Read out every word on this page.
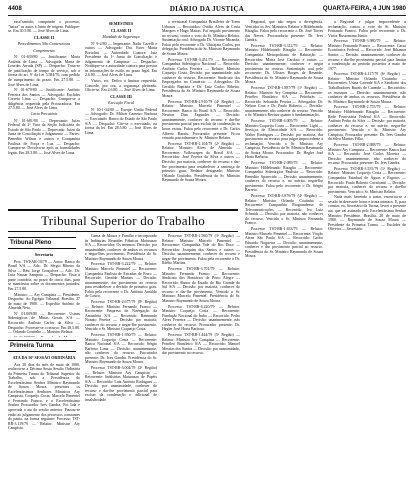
4408	DIÁRIO DA JUSTIÇA	QUARTA-FEIRA, 4 JUN 1980

essa"sentido, cumprindo o processo, "baixa" os autos à Junta de origem. Publique-se. Em 30.5.80. — José Alves de Lima.

CLASSE II

Procedimentos Não Contenciosos

Cumprimento

Nº 01-639/80 — Justificante: Maria Antônia de Lima — Advogada: Maria de Lourdes Arruda (SP) — Despacho: Trata-se de justificação de tempo de serviço, sob a forma do art. 9º da Lei 5.584/70, com pedido de cumprimento do prazo. Em 27.5.80. — José Alves de Lima.

Nº 01-679/80 — Justificante: Antônio Ferreira dos Santos — Advogado: Euclides Correia Lima — Despacho: Cumpra-se a diligência requerida pela Procuradoria. Em 27.5.80. — José Alves de Lima.

Carta Precatória

Nº 01-681/80 — Deprecante: Juízo Federal da 2ª Vara da Seção Judiciária do Estado de São Paulo — Deprecado: Juízo da Junta de Conciliação e Julgamento — Partes: Benedito Wilson e outros e Companhia Paulista de Força e Luz — Despacho: Cumpra-se. Devolva-se após as formalidades legais. Em 28.5.80. — José Alves de Lima.

SEMESTRES

CLASSE II

Mandado de Segurança

Nº 9-2/80 — Impetrante: Nadir Cazelli e outros — Advogado: Dra. Ester Maria Bortolini — Autoridade Coatora: Juiz Presidente da 1ª Junta de Conciliação e Julgamento de Campinas — Despacho: Notifique-se a autoridade coatora para prestar as informações de estilo, no prazo legal. Em 2.6.80. — José Alves de Lima.

Vistos, etc. Defiro a liminar requerida. Concedo, por ora, a segurança pleiteada. Oficie-se. Em 2.6.80. — José Alves de Lima.

CLASSE III

Execução Fiscal

Nº 10-1-34/80 — Exeqte: União Federal — Advogado: Dr. Milton Carneiro Barbosa — Executado: Banco do Estado de São Paulo S/A — Despacho: Cite-se o executado, na forma da lei. Em 28.5.80. — José Alves de Lima.

o revisional Companhia Brasileira de Trens Urbanos — Recorridos: Ovídio Alves da Costa Marques e Hugo Matias. Foi negado provimento ao recurso, contra o voto do Sr. Ministro Relator. Sustentação oral: Advogado Dr. Vicente Miranda. Falou pela recorrente o Dr. Ubirajara Carlos, por delegação. Presidência do Sr. Ministro Raymundo de Souza Moura.

Processo TST-RR-3.451/79 — Recorrente: Companhia Siderúrgica Nacional — Recorrido: Antônio Carlos Ferreira — Relator: Ministro Coqueijo Costa. Decisão: por unanimidade, não conhecer do recurso. Recorrente: Sindicato dos Empregados no Comércio — Advogados: Dr. Geraldo Baptista e Dr. Luiz Carlos Ribeiro. Presidência do Sr. Ministro Raymundo de Souza Moura.

Processo TST-RR-2.910/79 (4ª Região) — Relator: Ministro Marcelo Pimentel — Recorrente: Banco do Brasil S/A — Recorrido: Newton Dias Fagundes — Decisão: unanimemente, conhecer do recurso e dar-lhe provimento parcial para excluir da condenação as horas extras. Falou pelo recorrente o Dr. Carlos Alberto Barata. Procurador presente. Ficou vencido parcialmente o Sr. Ministro Relator.

Processo TST-RR-2.104/79 (2ª Região) — Relator: Ministro Alves de Almeida — Recorrente: Volkswagen do Brasil S/A — Recorridos: José Pereira da Silva e outros — Decisão: por maioria, conhecer do recurso e dar-lhe provimento para restabelecer a sentença de primeiro grau. Redator designado: Ministro Orlando Coutinho. Presidência do Sr. Ministro Raymundo de Souza Moura.

Regional, que não negou a divergência. Vencidos os Srs. Ministros Relator e Hildebrando Bisaglia. Falou pelo recorrente o Dr. José Torres das Neves. Procuradoria presente: Dr. Ives Gandra.

Processo TST-RR-3.312/79 — Relator: Ministro Hildebrando Bisaglia — Recorrente: Companhia Metropolitana de Habitação — Recorridos: Maria José Cardoso e outras — Decisão: unanimemente, conhecer e negar provimento ao recurso. Sustentação oral pelo recorrente: Dr. Ulisses Borges de Resende. Presidência do Sr. Ministro Raymundo de Souza Moura.

Processo TST-RR-1.887/79 (1ª Região) — Relator: Ministro Ary Campista — Recorrente: Petróleo Brasileiro S/A — Petrobrás — Recorrido: Sebastião Pereira — Advogados: Dr. Nelson Cruz e Dr. Paulo Roberto — Decisão: unanimemente, não conhecer do recurso. Vencido o Sr. Ministro Revisor quanto à fundamentação.

Processo TST-RR-4.005/79 — Relator: Ministro Coqueijo Costa — Recorrente: Light — Serviços de Eletricidade S/A — Recorrido: Walter Rodrigues — Decisão: por maioria, dar provimento ao recurso para julgar improcedente a reclamação. Vencido o Sr. Ministro Ary Campista. Presidência do Sr. Ministro Raymundo de Souza Moura. Procurador: Dr. Hegler José Horta Barbosa.

Processo TST-RR-2.089/79 — Relator: Ministro Hildebrando Bisaglia — Recorrente: Companhia Siderúrgica Paulista — Recorrido: Benedito Aparecido — Decisão: unanimemente, conhecer do recurso e, no mérito, negar-lhe provimento. Falou pelo recorrente o Dr. Sérgio Barreto.

Processo TST-RR-3.876/79 (4ª Região) — Relator: Ministro Orlando Coutinho — Recorrente: Companhia Riograndense de Telecomunicações — Recorrido: Ivo Luiz Schmidt — Decisão: por maioria, não conhecer do recurso. Vencido o Sr. Ministro Fernando Franco.

Processo TST-RR-1.633/79 — Relator: Ministro Marcelo Pimentel — Recorrente: Viação Aérea São Paulo S/A — Recorrido: Carlos Eduardo Nogueira — Decisão: unanimemente, conhecer e dar provimento parcial ao recurso. Presidência do Sr. Ministro Raymundo de Souza Moura.

a Regional e julgar improcedente a reclamação, contra o voto do Sr. Ministro Fernando Franco. Falou pelo recorrente o Dr. Victor Russomano Júnior.

Processo TST-RR-3.980/79 — Relator: Ministro Fernando Franco — Recorrente: Caixa Econômica Federal — Recorrido: José Ribamar Santos — Decisão: unanimemente, conhecer do recurso e dar-lhe provimento parcial para limitar a condenação ao período posterior a maio de 1977.

Processo TST-RR-4.117/79 (6ª Região) — Relator: Ministro Orlando Coutinho — Recorrentes: Usina Catende S/A e Sindicato dos Trabalhadores Rurais de Catende — Recorridos: os mesmos — Decisão: unanimemente, não conhecer de ambos os recursos. Presidência do Sr. Ministro Raymundo de Souza Moura.

Processo TST-RR-2.755/79 — Relator: Ministro Hildebrando Bisaglia — Recorrente: Rede Ferroviária Federal S/A — Recorrido: Antônio Pedro da Silva — Decisão: por maioria, conhecer do recurso e, no mérito, negar-lhe provimento. Vencido o Sr. Ministro Ary Campista. Procurador presente: Dr. Ives Gandra da Silva Martins Filho.

Processo TST-RR-2.988/79 — Relator: Ministro Ary Campista — Recorrente: Banco Itaú S/A — Recorrido: José Carlos Moreira — Decisão: unanimemente, não conhecer do recurso. Procurador presente: Dr. Ives Gandra.

Processo TST-RR-3.555/79 (1ª Região) — Relator: Ministro Coqueijo Costa — Recorrente: Companhia Estadual de Águas e Esgotos — Recorrido: Paulo Roberto Cavalcanti — Decisão: por maioria, conhecer do recurso e dar-lhe provimento. Vencido o Sr. Ministro Relator.

Nada mais havendo a tratar, encerrou-se a sessão às dezessete horas e trinta minutos. E, para constar, eu, Secretário da Turma, lavrei a presente ata, que vai assinada pelo Excelentíssimo Senhor Ministro Presidente. Brasília, 20 de maio de 1980. — Raymundo de Souza Moura — Presidente da Primeira Turma. — Euclides de Oliveira — Secretário.

Tribunal Superior do Trabalho
Tribunal Pleno
Secretaria

Proc. TST-AR-10/79 — Autor: Banco do Brasil S/A — Adv.: Dr. Sérgio Ribeiro da Silva — Réu: Jorge Gonçalves — Adv.: Dr. Luiz Nassar Sampaio — Despacho: Vista à parte contrária, no prazo de cinco dias, para se manifestar sobre os documentos juntados. Em 27.5.80.

Ministro — Ary Campista — Presidente. Despacho: Ao Egrégio Tribunal. Brasília, 27 de maio de 1980. — Expedito Antônio de Almeida Neto.

Nº 01.009/80 — Recorrente: Usinas Siderúrgicas de Minas Gerais S/A — Recorrido: Antônio Carlos da Silva — Despacho: Processe-se o recurso. Em 28.5.80. — Orlando Coutinho — Ministro Relator.

Primeira Turma

ATA DA 16ª SESSÃO ORDINÁRIA

Aos 20 dias do mês de maio de 1980, realizou-se a Décima Sexta Sessão Ordinária da Primeira Turma do Tribunal Superior do Trabalho, sob a Presidência do Excelentíssimo Senhor Ministro Raymundo de Souza Moura, presentes os Excelentíssimos Senhores Ministros Ary Campista, Coqueijo Costa, Marcelo Pimentel e Fernando Franco, e o Excelentíssimo Senhor Procurador Ives Gandra. Foi lida e aprovada a ata da sessão anterior. Passou-se então ao julgamento dos processos constantes da pauta, na forma seguinte: Processo TST-RR-3.119/79 — Relator: Ministro Ary Campista.

Gama de Moura e Família e incorporado às Indústrias Reunidas Fábricas Matarazzo S/A — Recorridos: Os mesmos. Decisão: por unanimidade, conhecer de ambos os recursos e negar-lhes provimento. Presidência do Sr. Ministro Raymundo de Souza Moura.

Processo TST-RR-3.222/79 — Relator: Ministro Marcelo Pimentel — Recorrente: Companhia Paulista de Estradas de Ferro — Recorrido: Geraldo Martins — Decisão: unanimemente, dar provimento ao recurso para restabelecer a decisão de primeiro grau. Falou pela recorrente o Dr. Antônio Arnaldo de Castro.

Processo TST-RR-2.677/79 (8ª Região) — Relator: Ministro Fernando Franco — Recorrente: Empresa de Navegação da Amazônia S/A — Recorrido: Raimundo Nonato Pereira — Decisão: por maioria, conhecer do recurso e negar-lhe provimento. Vencido o Sr. Ministro Coqueijo Costa.

Processo TST-RR-1.950/79 — Relator: Ministro Coqueijo Costa — Recorrente: Banco Nacional S/A — Recorrido: Sérgio Barbosa Lima — Decisão: unanimemente, não conhecer do recurso. Procurador presente: Dr. Ives Gandra. Presidência do Sr. Ministro Raymundo de Souza Moura.

Processo TST-RR-3.004/79 (2ª Região) — Relator: Ministro Ary Campista — Recorrente: Indústrias Matarazzo de Papéis S/A — Recorrido: Luiz Antônio Rodrigues — Decisão: por unanimidade, conhecer do recurso e dar-lhe provimento parcial para excluir da condenação o adicional de insalubridade.

Processo TST-RR-2.560/79 (3ª Região) — Relator: Ministro Marcelo Pimentel — Recorrente: Companhia Vale do Rio Doce — Recorridos: Joaquim dos Santos e outros — Decisão: unanimemente, conhecer do recurso e negar-lhe provimento. Falou pela recorrente o Dr. Ildélio Martins.

Processo TST-RR-3.701/79 — Relator: Ministro Fernando Franco — Recorrente: Sindicato dos Bancários de Porto Alegre — Recorrido: Banco do Estado do Rio Grande do Sul S/A — Decisão: por maioria, conhecer do recurso e dar-lhe provimento. Vencido o Sr. Ministro Marcelo Pimentel. Presidência do Sr. Ministro Raymundo de Souza Moura.

Processo TST-RR-4.220/79 — Relator: Ministro Coqueijo Costa — Recorrente: Fundação Nacional do Índio — Recorrido: Pedro Alves Ferreira — Decisão: unanimemente, não conhecer do recurso. Procurador presente: Dr. Hegler José Horta Barbosa.

Processo TST-RR-1.444/79 (5ª Região) — Relator: Ministro Ary Campista — Recorrente: Petróleo Brasileiro S/A — Recorrido: Manoel Messias dos Santos — Decisão: por unanimidade, dar provimento ao recurso.
